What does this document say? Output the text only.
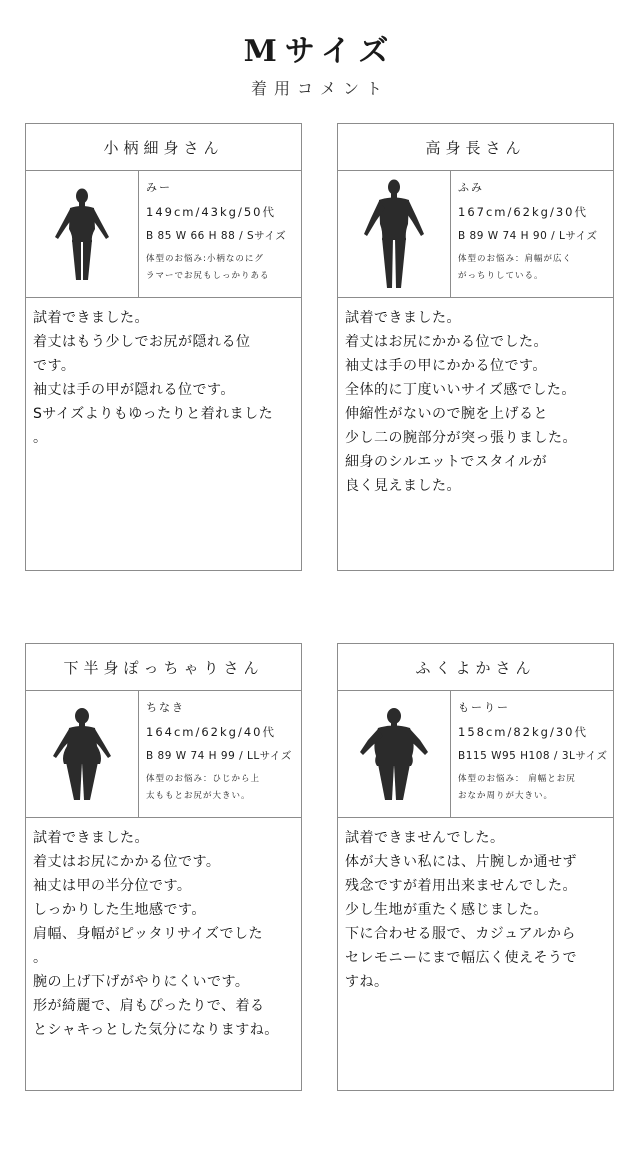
Mサイズ
着用コメント
小柄細身さん
みー
149cm/43kg/50代
B 85 W 66 H 88 / Sサイズ
体型のお悩み:小柄なのにグ
ラマーでお尻もしっかりある
試着できました。
着丈はもう少しでお尻が隠れる位
です。
袖丈は手の甲が隠れる位です。
Sサイズよりもゆったりと着れました
。
高身長さん
ふみ
167cm/62kg/30代
B 89 W 74 H 90 / Lサイズ
体型のお悩み：肩幅が広く
がっちりしている。
試着できました。
着丈はお尻にかかる位でした。
袖丈は手の甲にかかる位です。
全体的に丁度いいサイズ感でした。
伸縮性がないので腕を上げると
少し二の腕部分が突っ張りました。
細身のシルエットでスタイルが
良く見えました。
下半身ぽっちゃりさん
ちなき
164cm/62kg/40代
B 89 W 74 H 99 / LLサイズ
体型のお悩み：ひじから上
太ももとお尻が大きい。
試着できました。
着丈はお尻にかかる位です。
袖丈は甲の半分位です。
しっかりした生地感です。
肩幅、身幅がピッタリサイズでした
。
腕の上げ下げがやりにくいです。
形が綺麗で、肩もぴったりで、着る
とシャキっとした気分になりますね。
ふくよかさん
もーりー
158cm/82kg/30代
B115 W95 H108 / 3Lサイズ
体型のお悩み： 肩幅とお尻
おなか周りが大きい。
試着できませんでした。
体が大きい私には、片腕しか通せず
残念ですが着用出来ませんでした。
少し生地が重たく感じました。
下に合わせる服で、カジュアルから
セレモニーにまで幅広く使えそうで
すね。
